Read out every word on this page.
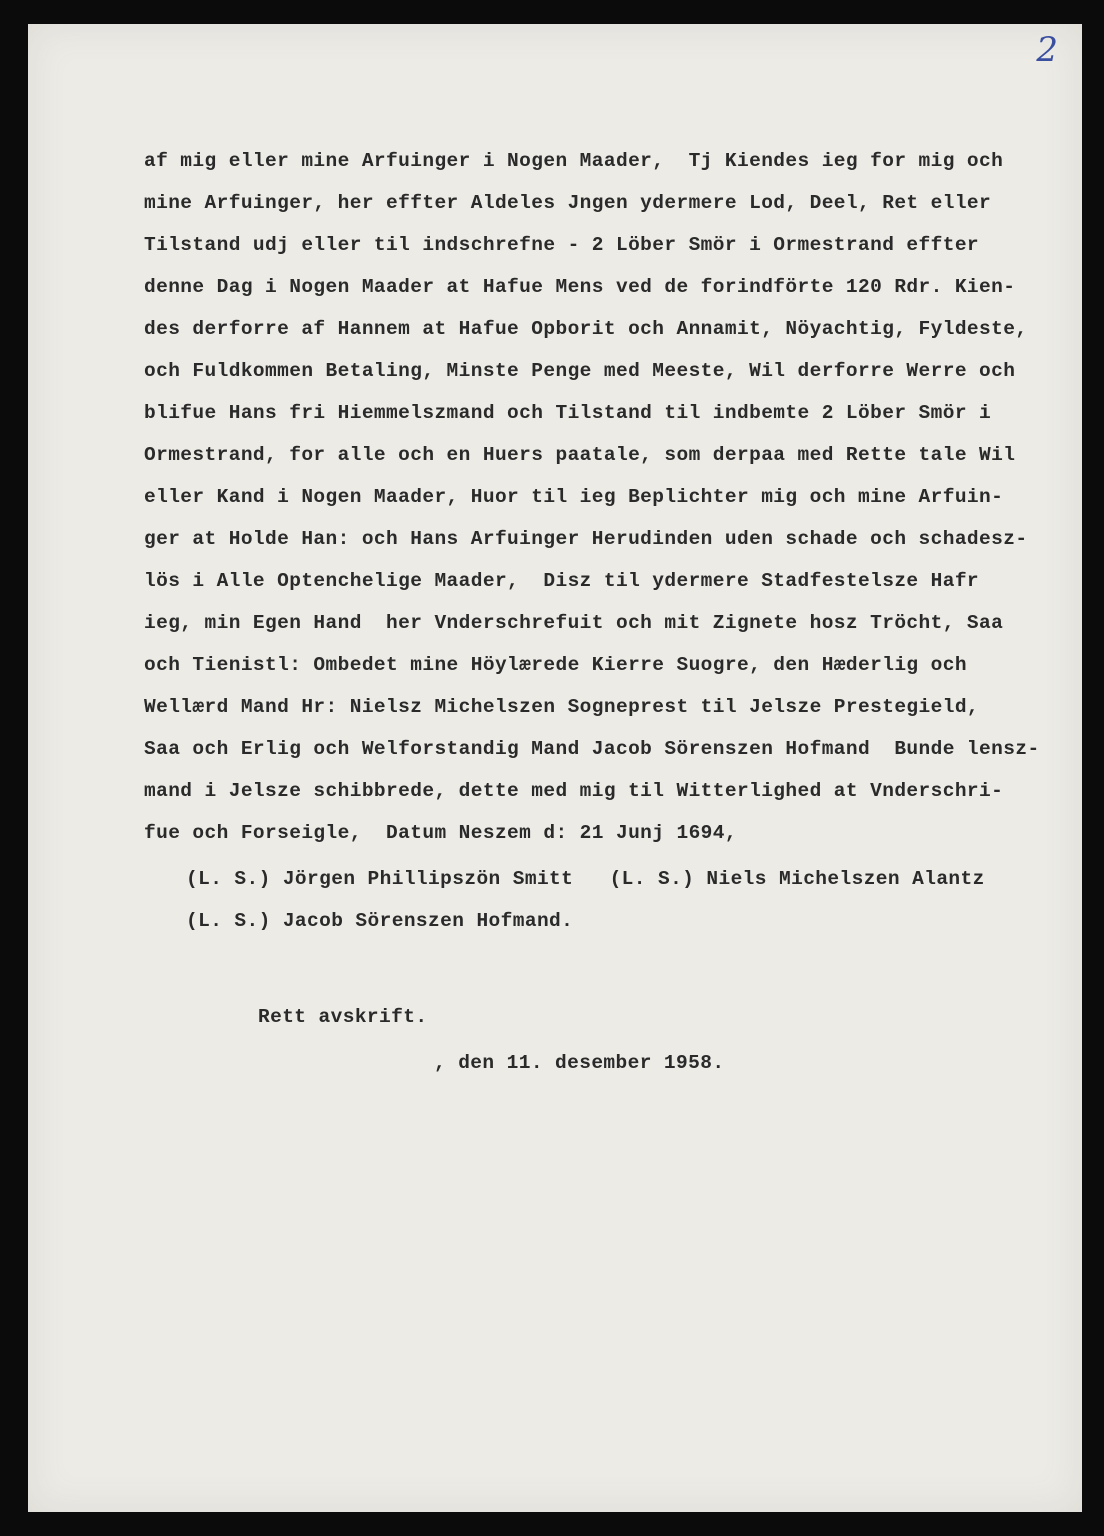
2
af mig eller mine Arfuinger i Nogen Maader,  Tj Kiendes ieg for mig och
mine Arfuinger, her effter Aldeles Jngen ydermere Lod, Deel, Ret eller
Tilstand udj eller til indschrefne - 2 Löber Smör i Ormestrand effter
denne Dag i Nogen Maader at Hafue Mens ved de forindförte 120 Rdr. Kien-
des derforre af Hannem at Hafue Opborit och Annamit, Nöyachtig, Fyldeste,
och Fuldkommen Betaling, Minste Penge med Meeste, Wil derforre Werre och
blifue Hans fri Hiemmelszmand och Tilstand til indbemte 2 Löber Smör i
Ormestrand, for alle och en Huers paatale, som derpaa med Rette tale Wil
eller Kand i Nogen Maader, Huor til ieg Beplichter mig och mine Arfuin-
ger at Holde Han: och Hans Arfuinger Herudinden uden schade och schadesz-
lös i Alle Optenchelige Maader,  Disz til ydermere Stadfestelsze Hafr
ieg, min Egen Hand  her Vnderschrefuit och mit Zignete hosz Tröcht, Saa
och Tienistl: Ombedet mine Höylærede Kierre Suogre, den Hæderlig och
Wellærd Mand Hr: Nielsz Michelszen Sogneprest til Jelsze Prestegield,
Saa och Erlig och Welforstandig Mand Jacob Sörenszen Hofmand  Bunde lensz-
mand i Jelsze schibbrede, dette med mig til Witterlighed at Vnderschri-
fue och Forseigle,  Datum Neszem d: 21 Junj 1694,
(L. S.) Jörgen Phillipszön Smitt   (L. S.) Niels Michelszen Alantz
(L. S.) Jacob Sörenszen Hofmand.
Rett avskrift.
, den 11. desember 1958.
